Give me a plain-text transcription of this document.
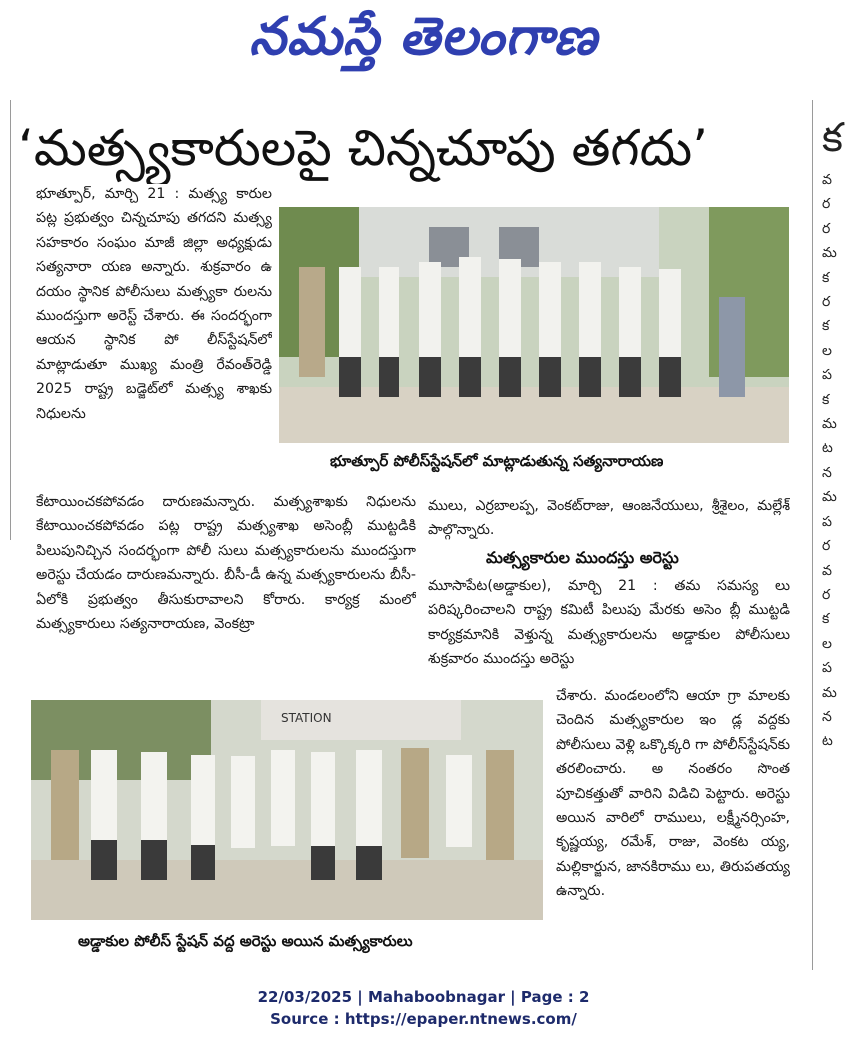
నమస్తే తెలంగాణ
‘మత్స్యకారులపై చిన్నచూపు తగదు’
భూత్పూర్‌, మార్చి 21 : మత్స్య కారుల పట్ల ప్రభుత్వం చిన్నచూపు తగదని మత్స్య సహకారం సంఘం మాజీ జిల్లా అధ్యక్షుడు సత్యనారా యణ అన్నారు. శుక్రవారం ఉ దయం స్థానిక పోలీసులు మత్స్యకా రులను ముందస్తుగా అరెస్ట్‌ చేశారు. ఈ సందర్భంగా ఆయన స్థానిక పో లీస్‌స్టేషన్‌లో మాట్లాడుతూ ముఖ్య మంత్రి రేవంత్‌రెడ్డి 2025 రాష్ట్ర బడ్జెట్‌లో మత్స్య శాఖకు నిధులను
భూత్పూర్‌ పోలీస్‌స్టేషన్‌లో మాట్లాడుతున్న సత్యనారాయణ
కేటాయించకపోవడం దారుణమన్నారు. మత్స్యశాఖకు నిధులను కేటాయించకపోవడం పట్ల రాష్ట్ర మత్స్యశాఖ అసెంబ్లీ ముట్టడికి పిలుపునిచ్చిన సందర్భంగా పోలీ సులు మత్స్యకారులను ముందస్తుగా అరెస్టు చేయడం దారుణమన్నారు. బీసీ-డీ ఉన్న మత్స్యకారులను బీసీ- ఏలోకి ప్రభుత్వం తీసుకురావాలని కోరారు. కార్యక్ర మంలో మత్స్యకారులు సత్యనారాయణ, వెంకట్రా
ములు, ఎర్రబాలప్ప, వెంకట్‌రాజు, ఆంజనేయులు, శ్రీశైలం, మల్లేశ్‌ పాల్గొన్నారు.
మత్స్యకారుల ముందస్తు అరెస్టు
మూసాపేట(అడ్డాకుల), మార్చి 21 : తమ సమస్య లు పరిష్కరించాలని రాష్ట్ర కమిటీ పిలుపు మేరకు అసెం బ్లీ ముట్టడి కార్యక్రమానికి వెళ్తున్న మత్స్యకారులను అడ్డాకుల పోలీసులు శుక్రవారం ముందస్తు అరెస్టు
STATION
చేశారు. మండలంలోని ఆయా గ్రా మాలకు చెందిన మత్స్యకారుల ఇం డ్ల వద్దకు పోలీసులు వెళ్లి ఒక్కొక్కరి గా పోలీస్‌స్టేషన్‌కు తరలించారు. అ నంతరం సొంత పూచికత్తుతో వారిని విడిచి పెట్టారు. అరెస్టు అయిన వారిలో రాములు, లక్ష్మీనర్సింహ, కృష్ణయ్య, రమేశ్‌, రాజు, వెంకట య్య, మల్లికార్జున, జానకిరాము లు, తిరుపతయ్య ఉన్నారు.
అడ్డాకుల పోలీస్‌ స్టేషన్‌ వద్ద అరెస్టు అయిన మత్స్యకారులు
22/03/2025 | Mahaboobnagar | Page : 2
Source : https://epaper.ntnews.com/
క
వ
ర
ర
మ
క
ర
క
ల
ప
క
మ
ట
న
మ
ప
ర
వ
ర
క
ల
ప
మ
న
ట
